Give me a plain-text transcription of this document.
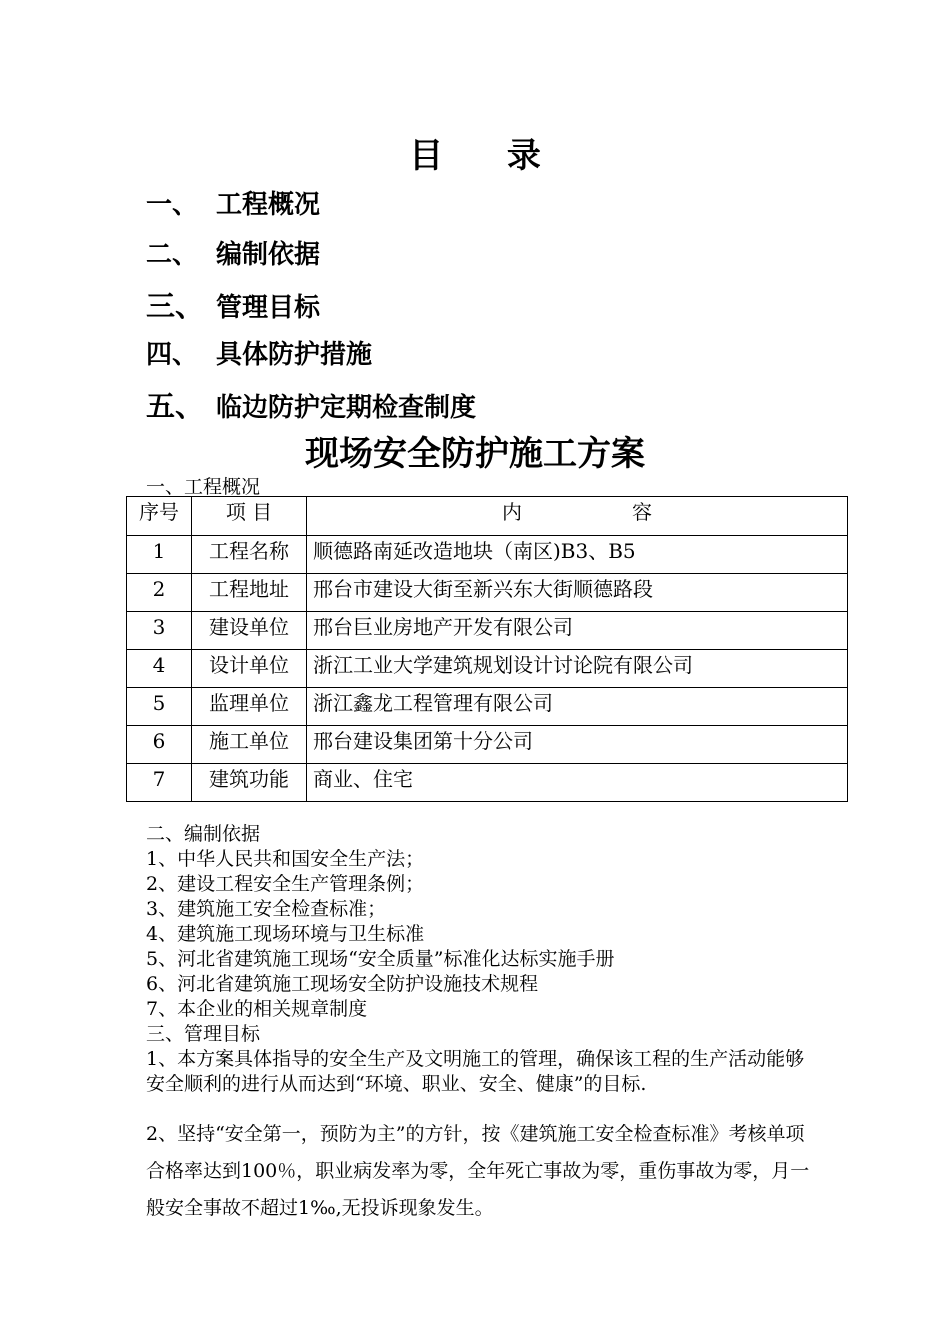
目 录
一、 工程概况
二、 编制依据
三、 管理目标
四、 具体防护措施
五、 临边防护定期检查制度
现场安全防护施工方案
一、工程概况
序号	项 目	内 容
1	工程名称	顺德路南延改造地块（南区)B3、B5
2	工程地址	邢台市建设大街至新兴东大街顺德路段
3	建设单位	邢台巨业房地产开发有限公司
4	设计单位	浙江工业大学建筑规划设计讨论院有限公司
5	监理单位	浙江鑫龙工程管理有限公司
6	施工单位	邢台建设集团第十分公司
7	建筑功能	商业、住宅
二、编制依据
1、中华人民共和国安全生产法；
2、建设工程安全生产管理条例；
3、建筑施工安全检查标准；
4、建筑施工现场环境与卫生标准
5、河北省建筑施工现场“安全质量”标准化达标实施手册
6、河北省建筑施工现场安全防护设施技术规程
7、本企业的相关规章制度
三、管理目标
1、本方案具体指导的安全生产及文明施工的管理，确保该工程的生产活动能够安全顺利的进行从而达到“环境、职业、安全、健康”的目标.
2、坚持“安全第一，预防为主”的方针，按《建筑施工安全检查标准》考核单项合格率达到100％，职业病发率为零，全年死亡事故为零，重伤事故为零，月一般安全事故不超过1‰,无投诉现象发生。
